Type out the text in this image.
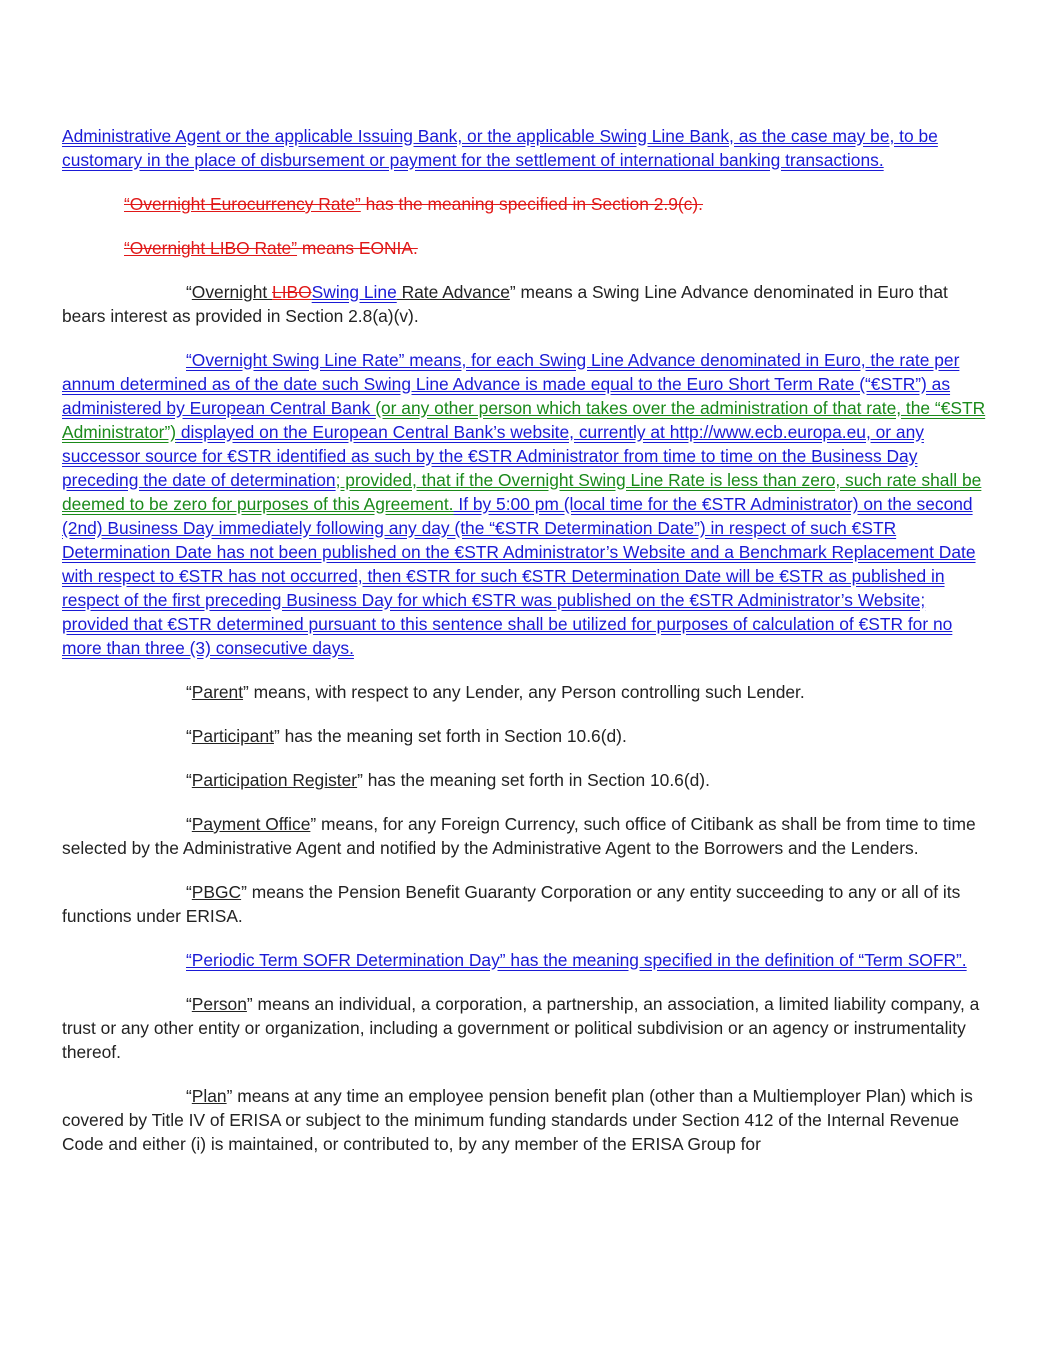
Administrative Agent or the applicable Issuing Bank, or the applicable Swing Line Bank, as the case may be, to be customary in the place of disbursement or payment for the settlement of international banking transactions.

“Overnight Eurocurrency Rate” has the meaning specified in Section 2.9(c).

“Overnight LIBO Rate” means EONIA.

“Overnight LIBOSwing Line Rate Advance” means a Swing Line Advance denominated in Euro that bears interest as provided in Section 2.8(a)(v).

“Overnight Swing Line Rate” means, for each Swing Line Advance denominated in Euro, the rate per annum determined as of the date such Swing Line Advance is made equal to the Euro Short Term Rate (“€STR”) as administered by European Central Bank (or any other person which takes over the administration of that rate, the “€STR Administrator”) displayed on the European Central Bank’s website, currently at http://www.ecb.europa.eu, or any successor source for €STR identified as such by the €STR Administrator from time to time on the Business Day preceding the date of determination; provided, that if the Overnight Swing Line Rate is less than zero, such rate shall be deemed to be zero for purposes of this Agreement. If by 5:00 pm (local time for the €STR Administrator) on the second (2nd) Business Day immediately following any day (the “€STR Determination Date”) in respect of such €STR Determination Date has not been published on the €STR Administrator’s Website and a Benchmark Replacement Date with respect to €STR has not occurred, then €STR for such €STR Determination Date will be €STR as published in respect of the first preceding Business Day for which €STR was published on the €STR Administrator’s Website; provided that €STR determined pursuant to this sentence shall be utilized for purposes of calculation of €STR for no more than three (3) consecutive days.

“Parent” means, with respect to any Lender, any Person controlling such Lender.

“Participant” has the meaning set forth in Section 10.6(d).

“Participation Register” has the meaning set forth in Section 10.6(d).

“Payment Office” means, for any Foreign Currency, such office of Citibank as shall be from time to time selected by the Administrative Agent and notified by the Administrative Agent to the Borrowers and the Lenders.

“PBGC” means the Pension Benefit Guaranty Corporation or any entity succeeding to any or all of its functions under ERISA.

“Periodic Term SOFR Determination Day” has the meaning specified in the definition of “Term SOFR”.

“Person” means an individual, a corporation, a partnership, an association, a limited liability company, a trust or any other entity or organization, including a government or political subdivision or an agency or instrumentality thereof.

“Plan” means at any time an employee pension benefit plan (other than a Multiemployer Plan) which is covered by Title IV of ERISA or subject to the minimum funding standards under Section 412 of the Internal Revenue Code and either (i) is maintained, or contributed to, by any member of the ERISA Group for
